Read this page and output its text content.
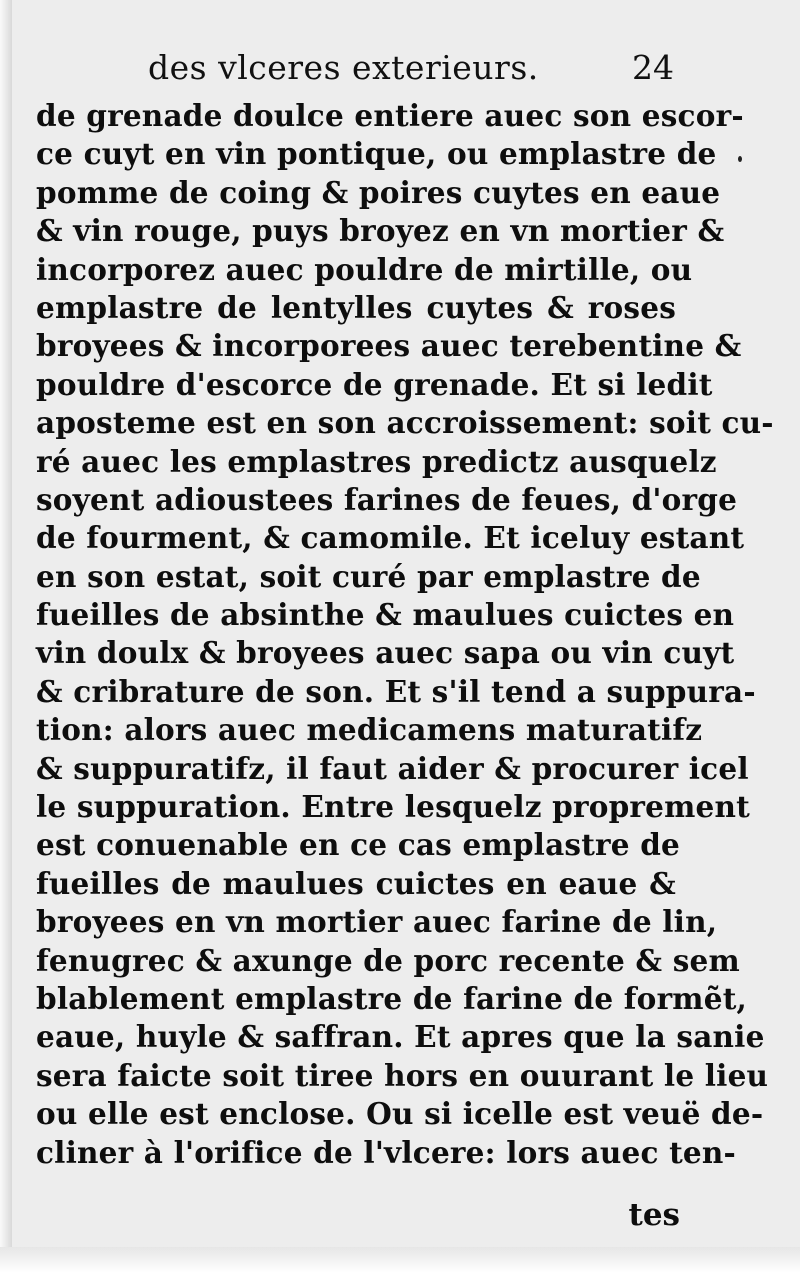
des vlceres exterieurs.	24
de grenade doulce entiere auec son escor-
ce cuyt en vin pontique, ou emplastre de
pomme de coing & poires cuytes en eaue
& vin rouge, puys broyez en vn mortier &
incorporez auec pouldre de mirtille, ou
emplastre de lentylles cuytes & roses
broyees & incorporees auec terebentine &
pouldre d'escorce de grenade. Et si ledit
aposteme est en son accroissement: soit cu-
ré auec les emplastres predictz ausquelz
soyent adioustees farines de feues, d'orge
de fourment, & camomile. Et iceluy estant
en son estat, soit curé par emplastre de
fueilles de absinthe & maulues cuictes en
vin doulx & broyees auec sapa ou vin cuyt
& cribrature de son. Et s'il tend a suppura-
tion: alors auec medicamens maturatifz
& suppuratifz, il faut aider & procurer icel
le suppuration. Entre lesquelz proprement
est conuenable en ce cas emplastre de
fueilles de maulues cuictes en eaue &
broyees en vn mortier auec farine de lin,
fenugrec & axunge de porc recente & sem
blablement emplastre de farine de formẽt,
eaue, huyle & saffran. Et apres que la sanie
sera faicte soit tiree hors en ouurant le lieu
ou elle est enclose. Ou si icelle est veuë de-
cliner à l'orifice de l'vlcere: lors auec ten-
tes
